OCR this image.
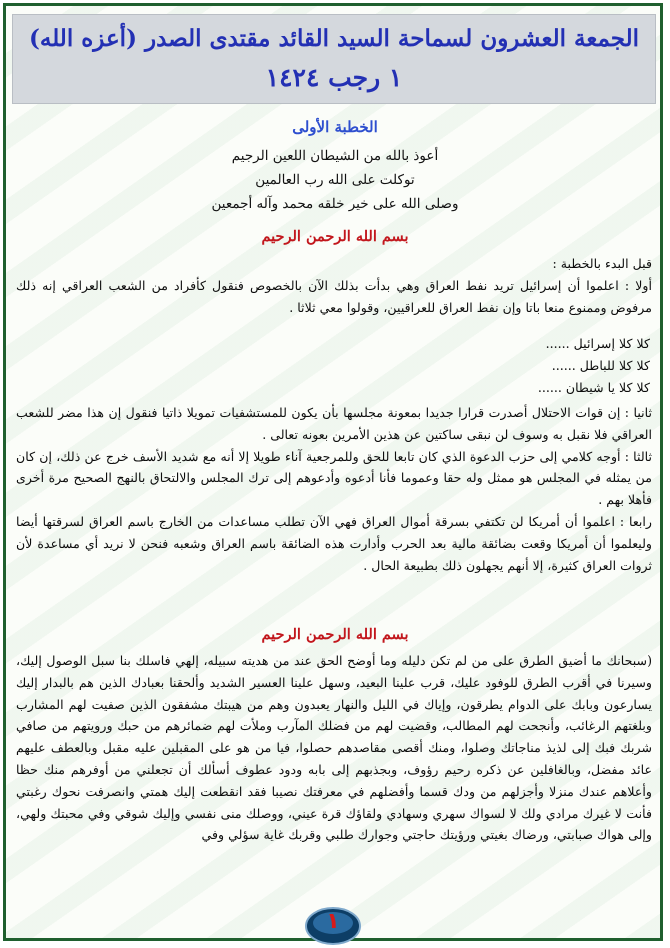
الجمعة العشرون لسماحة السيد القائد مقتدى الصدر (أعزه الله)
١ رجب ١٤٢٤
الخطبة الأولى
أعوذ بالله من الشيطان اللعين الرجيم
توكلت على الله رب العالمين
وصلى الله على خير خلقه محمد وآله أجمعين
بسم الله الرحمن الرحيم

قبل البدء بالخطبة :

أولا : اعلموا أن إسرائيل تريد نفط العراق وهي بدأت بذلك الآن بالخصوص فنقول كأفراد من الشعب العراقي إنه ذلك مرفوض وممنوع منعا باتا وإن نفط العراق للعراقيين، وقولوا معي ثلاثا .

كلا كلا إسرائيل ......

كلا كلا للباطل ......

كلا كلا يا شيطان ......

ثانيا : إن قوات الاحتلال أصدرت قرارا جديدا بمعونة مجلسها بأن يكون للمستشفيات تمويلا ذاتيا فنقول إن هذا مضر للشعب العراقي فلا نقبل به وسوف لن نبقى ساكتين عن هذين الأمرين بعونه تعالى .

ثالثا : أوجه كلامي إلى حزب الدعوة الذي كان تابعا للحق وللمرجعية آناء طويلا إلا أنه مع شديد الأسف خرج عن ذلك، إن كان من يمثله في المجلس هو ممثل وله حقا وعموما فأنا أدعوه وأدعوهم إلى ترك المجلس والالتحاق بالنهج الصحيح مرة أخرى فأهلا بهم .

رابعا : اعلموا أن أمريكا لن تكتفي بسرقة أموال العراق فهي الآن تطلب مساعدات من الخارج باسم العراق لسرقتها أيضا وليعلموا أن أمريكا وقعت بضائقة مالية بعد الحرب وأدارت هذه الضائقة باسم العراق وشعبه فنحن لا نريد أي مساعدة لأن ثروات العراق كثيرة، إلا أنهم يجهلون ذلك بطبيعة الحال .

بسم الله الرحمن الرحيم

(سبحانك ما أضيق الطرق على من لم تكن دليله وما أوضح الحق عند من هديته سبيله، إلهي فاسلك بنا سبل الوصول إليك، وسيرنا في أقرب الطرق للوفود عليك، قرب علينا البعيد، وسهل علينا العسير الشديد وألحقنا بعبادك الذين هم بالبدار إليك يسارعون وبابك على الدوام يطرقون، وإياك في الليل والنهار يعبدون وهم من هيبتك مشفقون الذين صفيت لهم المشارب وبلغتهم الرغائب، وأنجحت لهم المطالب، وقضيت لهم من فضلك المآرب وملأت لهم ضمائرهم من حبك ورويتهم من صافي شربك فبك إلى لذيذ مناجاتك وصلوا، ومنك أقصى مقاصدهم حصلوا، فيا من هو على المقبلين عليه مقبل وبالعطف عليهم عائد مفضل، وبالغافلين عن ذكره رحيم رؤوف، وبجذبهم إلى بابه ودود عطوف أسألك أن تجعلني من أوفرهم منك حظا وأعلاهم عندك منزلا وأجزلهم من ودك قسما وأفضلهم في معرفتك نصيبا فقد انقطعت إليك همتي وانصرفت نحوك رغبتي فأنت لا غيرك مرادي ولك لا لسواك سهري وسهادي ولقاؤك قرة عيني، ووصلك منى نفسي وإليك شوقي وفي محبتك ولهي، وإلى هواك صبابتي، ورضاك بغيتي ورؤيتك حاجتي وجوارك طلبي وقربك غاية سؤلي وفي

١
